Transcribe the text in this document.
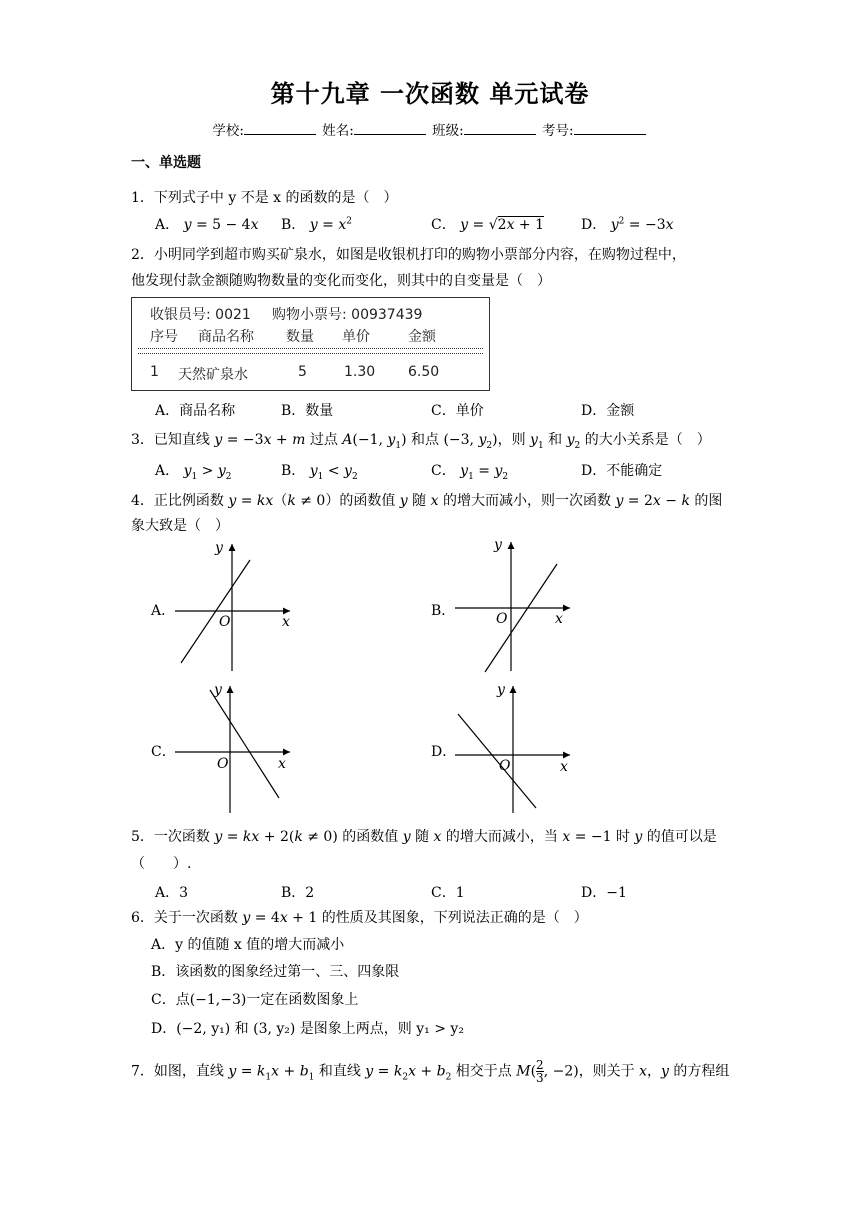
第十九章 一次函数 单元试卷
学校:	姓名:	班级:	考号:
一、单选题
1．下列式子中 y 不是 x 的函数的是（　）
A． y = 5 − 4x B． $y = x^2$	C． y = √2x + 1	D． $y^2 = -3x$
2．小明同学到超市购买矿泉水，如图是收银机打印的购物小票部分内容，在购物过程中，
他发现付款金额随购物数量的变化而变化，则其中的自变量是（　）
收银员号: 0021 购物小票号: 00937439
序号 商品名称 数量 单价	金额
1 天然矿泉水	5	1.30 6.50
A．商品名称	B．数量	C．单价	D．金额
3．已知直线 y = −3x + m 过点 A(−1, $y_1$) 和点 (−3, $y_2$)，则 $y_1$ 和 $y_2$ 的大小关系是（　）
A． $y_1 > y_2$	B． $y_1 < y_2$	C． $y_1 = y_2$	D．不能确定
4．正比例函数 y = kx（k ≠ 0）的函数值 y 随 x 的增大而减小，则一次函数 y = 2x − k 的图
象大致是（　）
A．
y
x
O
B．
y
x
O
C．
y
x
O
D．
y
x
O
5．一次函数 y = kx + 2(k ≠ 0) 的函数值 y 随 x 的增大而减小，当 x = −1 时 y 的值可以是
（　　）.
A．3	B．2	C．1	D．−1
6．关于一次函数 y = 4x + 1 的性质及其图象，下列说法正确的是（　）
A．y 的值随 x 值的增大而减小
B．该函数的图象经过第一、三、四象限
C．点(−1,−3)一定在函数图象上
D．(−2, y₁) 和 (3, y₂) 是图象上两点，则 y₁ > y₂
7．如图，直线 $y = k_1x + b_1$ 和直线 $y = k_2x + b_2$ 相交于点 $M( \frac{2}{3}$ , −2)，则关于 x，y 的方程组
